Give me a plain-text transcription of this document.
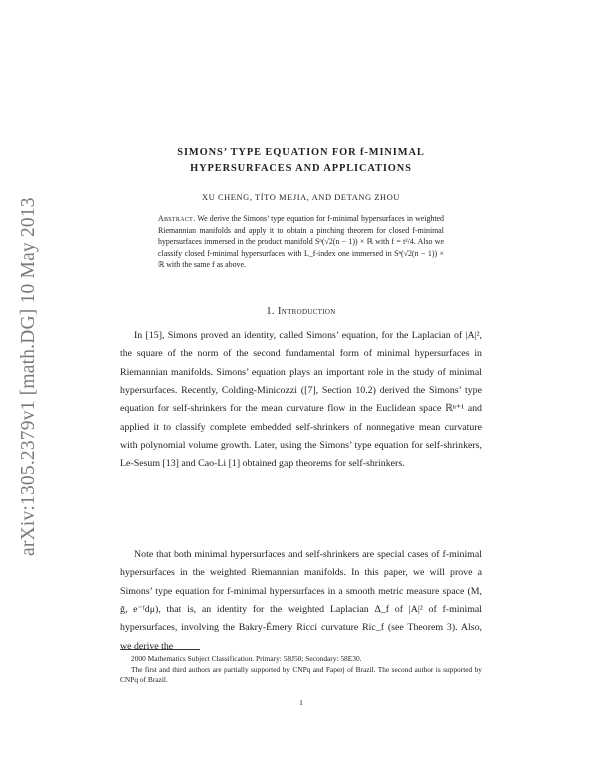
arXiv:1305.2379v1 [math.DG] 10 May 2013
SIMONS’ TYPE EQUATION FOR f-MINIMAL
HYPERSURFACES AND APPLICATIONS
XU CHENG, TÍTO MEJIA, AND DETANG ZHOU
Abstract. We derive the Simons’ type equation for f-minimal hypersurfaces in weighted Riemannian manifolds and apply it to obtain a pinching theorem for closed f-minimal hypersurfaces immersed in the product manifold Sⁿ(√2(n − 1)) × ℝ with f = t²/4. Also we classify closed f-minimal hypersurfaces with L_f-index one immersed in Sⁿ(√2(n − 1)) × ℝ with the same f as above.
1. Introduction
In [15], Simons proved an identity, called Simons’ equation, for the Laplacian of |A|², the square of the norm of the second fundamental form of minimal hypersurfaces in Riemannian manifolds. Simons’ equation plays an important role in the study of minimal hypersurfaces. Recently, Colding-Minicozzi ([7], Section 10.2) derived the Simons’ type equation for self-shrinkers for the mean curvature flow in the Euclidean space ℝⁿ⁺¹ and applied it to classify complete embedded self-shrinkers of nonnegative mean curvature with polynomial volume growth. Later, using the Simons’ type equation for self-shrinkers, Le-Sesum [13] and Cao-Li [1] obtained gap theorems for self-shrinkers.
Note that both minimal hypersurfaces and self-shrinkers are special cases of f-minimal hypersurfaces in the weighted Riemannian manifolds. In this paper, we will prove a Simons’ type equation for f-minimal hypersurfaces in a smooth metric measure space (M, ḡ, e⁻ᶠdμ), that is, an identity for the weighted Laplacian Δ_f of |A|² of f-minimal hypersurfaces, involving the Bakry-Émery Ricci curvature Ric_f (see Theorem 3). Also, we derive the

2000 Mathematics Subject Classification. Primary: 58J50; Secondary: 58E30.

The first and third authors are partially supported by CNPq and Faperj of Brazil. The second author is supported by CNPq of Brazil.

1
